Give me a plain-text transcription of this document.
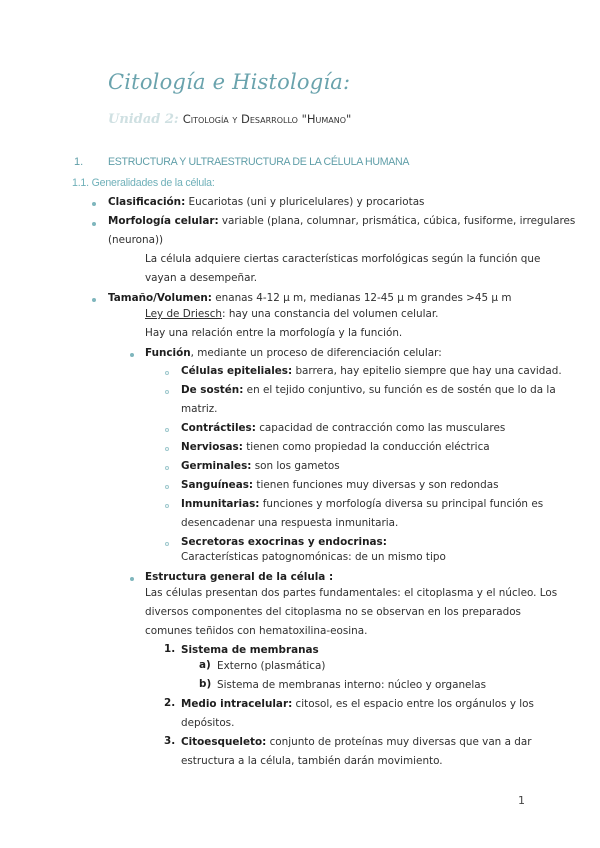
Citología e Histología:
Unidad 2: Citología y Desarrollo "Humano"
1. ESTRUCTURA Y ULTRAESTRUCTURA DE LA CÉLULA HUMANA
1.1. Generalidades de la célula:
Clasificación: Eucariotas (uni y pluricelulares) y procariotas
Morfología celular: variable (plana, columnar, prismática, cúbica, fusiforme, irregulares
(neurona))
La célula adquiere ciertas características morfológicas según la función que
vayan a desempeñar.
Tamaño/Volumen: enanas 4-12 μ m, medianas 12-45 μ m grandes >45 μ m
Ley de Driesch: hay una constancia del volumen celular.
Hay una relación entre la morfología y la función.
Función, mediante un proceso de diferenciación celular:
Células epiteliales: barrera, hay epitelio siempre que hay una cavidad.
De sostén: en el tejido conjuntivo, su función es de sostén que lo da la
matriz.
Contráctiles: capacidad de contracción como las musculares
Nerviosas: tienen como propiedad la conducción eléctrica
Germinales: son los gametos
Sanguíneas: tienen funciones muy diversas y son redondas
Inmunitarias: funciones y morfología diversa su principal función es
desencadenar una respuesta inmunitaria.
Secretoras exocrinas y endocrinas:
Características patognomónicas: de un mismo tipo
Estructura general de la célula :
Las células presentan dos partes fundamentales: el citoplasma y el núcleo. Los
diversos componentes del citoplasma no se observan en los preparados
comunes teñidos con hematoxilina-eosina.
1. Sistema de membranas
a) Externo (plasmática)
b) Sistema de membranas interno: núcleo y organelas
2. Medio intracelular: citosol, es el espacio entre los orgánulos y los
depósitos.
3. Citoesqueleto: conjunto de proteínas muy diversas que van a dar
estructura a la célula, también darán movimiento.
1
